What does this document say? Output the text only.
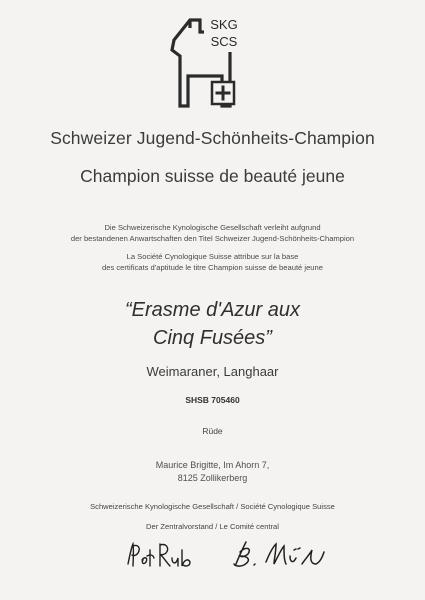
SKG
SCS
Schweizer Jugend-Schönheits-Champion
Champion suisse de beauté jeune
Die Schweizerische Kynologische Gesellschaft verleiht aufgrund
der bestandenen Anwartschaften den Titel Schweizer Jugend-Schönheits-Champion
La Société Cynologique Suisse attribue sur la base
des certificats d'aptitude le titre Champion suisse de beauté jeune
“Erasme d'Azur aux
Cinq Fusées”
Weimaraner, Langhaar
SHSB 705460
Rüde
Maurice Brigitte, Im Ahorn 7,
8125 Zollikerberg
Schweizerische Kynologische Gesellschaft / Société Cynologique Suisse
Der Zentralvorstand / Le Comité central
